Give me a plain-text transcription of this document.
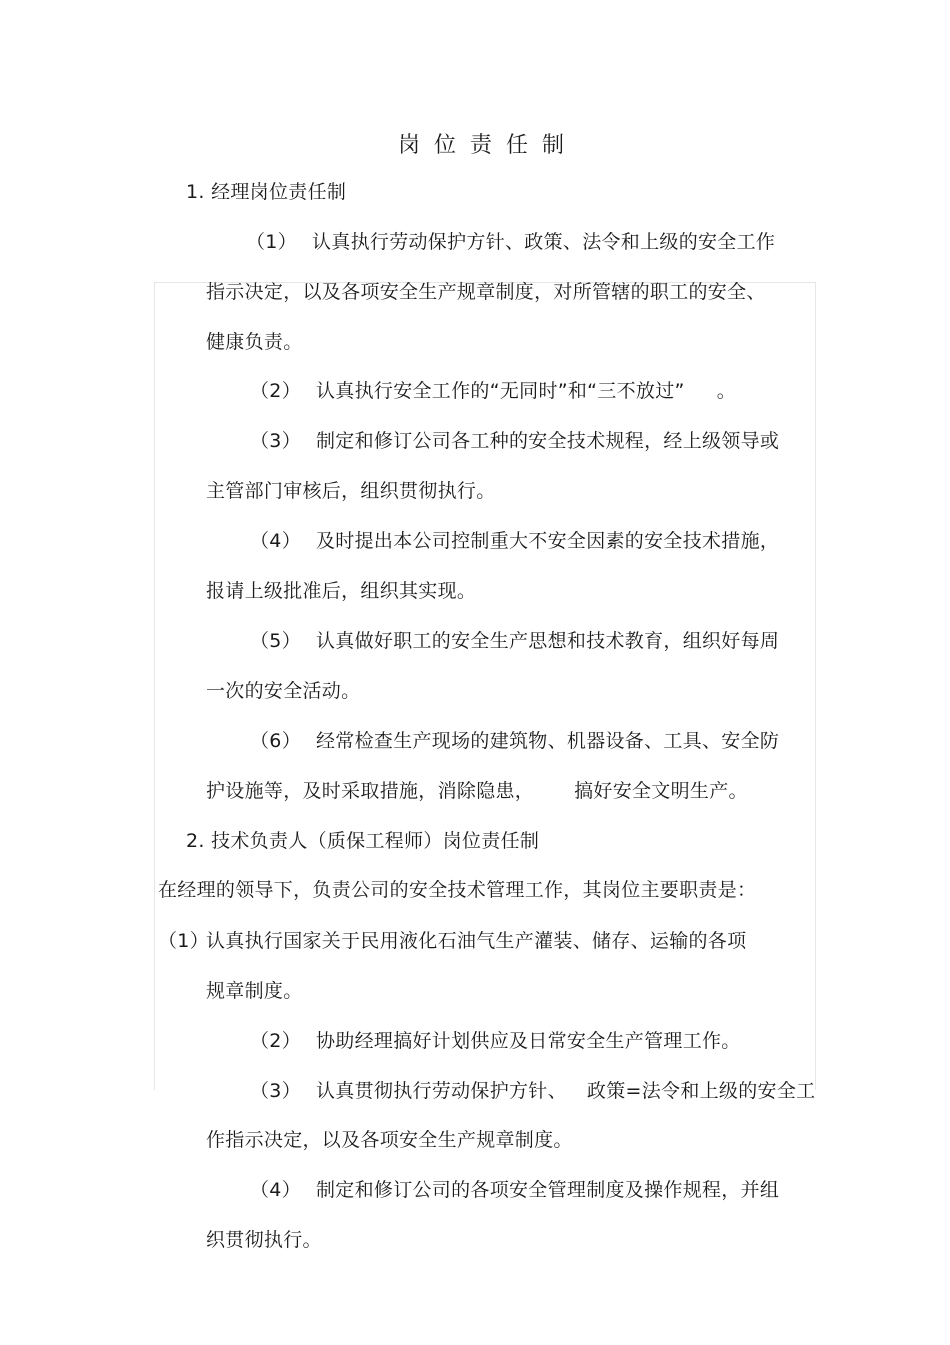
岗位责任制
1. 经理岗位责任制
（1） 认真执行劳动保护方针、政策、法令和上级的安全工作
指示决定，以及各项安全生产规章制度，对所管辖的职工的安全、
健康负责。
（2） 认真执行安全工作的“无同时”和“三不放过” 。
（3） 制定和修订公司各工种的安全技术规程，经上级领导或
主管部门审核后，组织贯彻执行。
（4） 及时提出本公司控制重大不安全因素的安全技术措施，
报请上级批准后，组织其实现。
（5） 认真做好职工的安全生产思想和技术教育，组织好每周
一次的安全活动。
（6） 经常检查生产现场的建筑物、机器设备、工具、安全防
护设施等，及时采取措施，消除隐患， 搞好安全文明生产。
2. 技术负责人（质保工程师）岗位责任制
在经理的领导下，负责公司的安全技术管理工作，其岗位主要职责是：
（1）认真执行国家关于民用液化石油气生产灌装、储存、运输的各项
规章制度。
（2） 协助经理搞好计划供应及日常安全生产管理工作。
（3） 认真贯彻执行劳动保护方针、 政策=法令和上级的安全工
作指示决定，以及各项安全生产规章制度。
（4） 制定和修订公司的各项安全管理制度及操作规程，并组
织贯彻执行。
